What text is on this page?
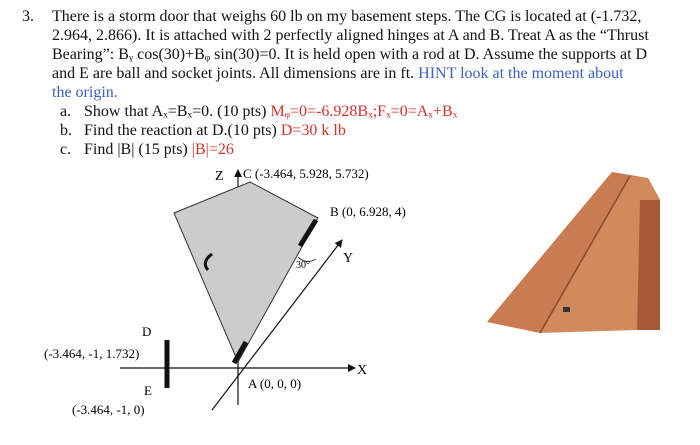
3. There is a storm door that weighs 60 lb on my basement steps. The CG is located at (-1.732,
2.964, 2.866). It is attached with 2 perfectly aligned hinges at A and B. Treat A as the “Thrust
Bearing”: Bᵧ cos(30)+Bᵩ sin(30)=0. It is held open with a rod at D. Assume the supports at D
and E are ball and socket joints. All dimensions are in ft. HINT look at the moment about
the origin.
a. Show that Aₓ=Bₓ=0. (10 pts) Mᵩ=0=-6.928Bₓ;Fₓ=0=Aₓ+Bₓ
b. Find the reaction at D.(10 pts) D=30 k lb
c. Find |B| (15 pts) |B|=26
Z
X
Y
30°
C (-3.464, 5.928, 5.732)
B (0, 6.928, 4)
A (0, 0, 0)
D
(-3.464, -1, 1.732)
E
(-3.464, -1, 0)
